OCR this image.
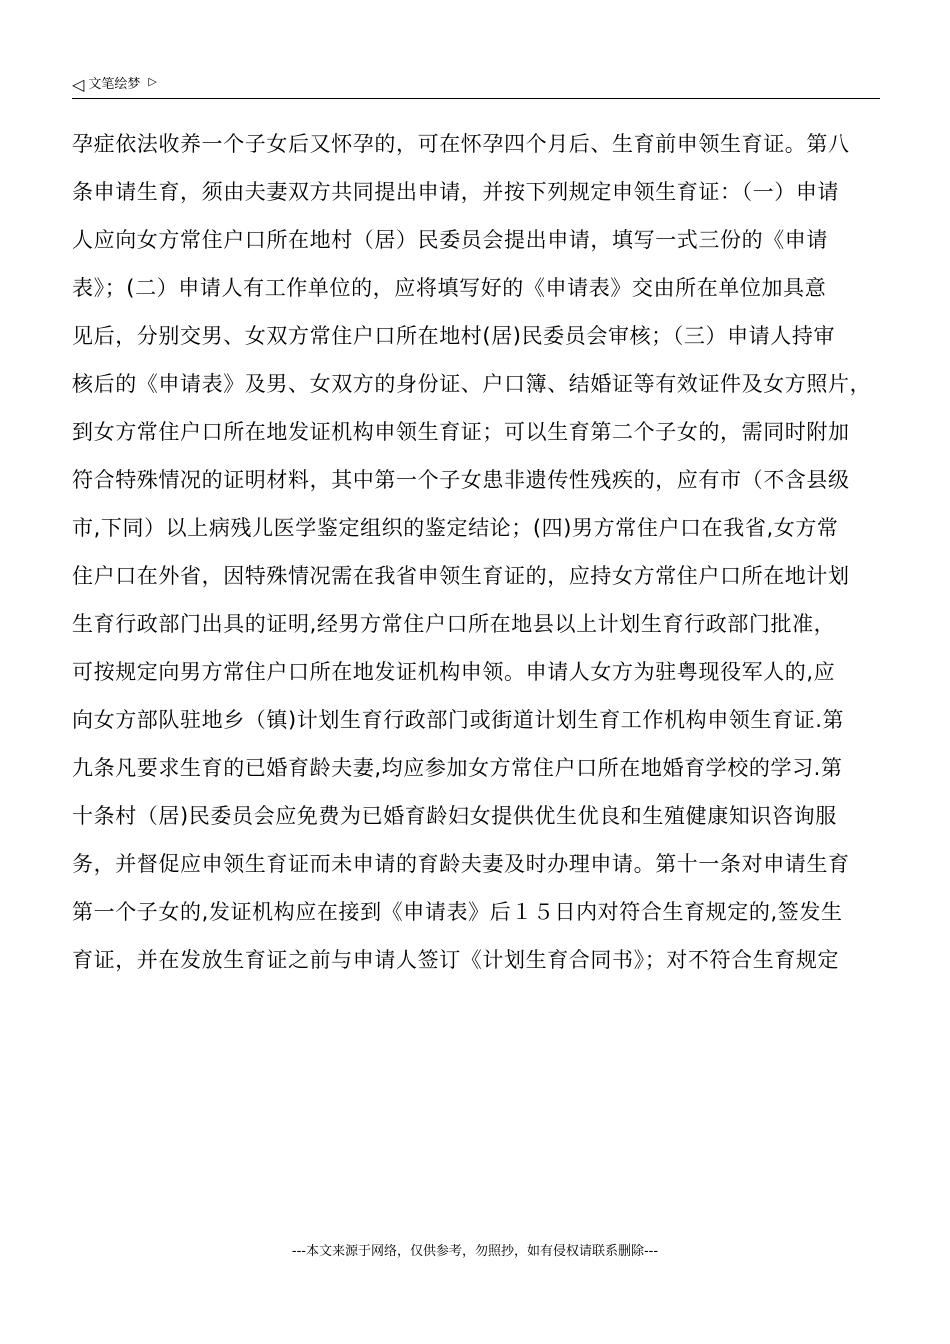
◁ 文笔绘梦 ▷
孕症依法收养一个子女后又怀孕的，可在怀孕四个月后、生育前申领生育证。第八
条申请生育，须由夫妻双方共同提出申请，并按下列规定申领生育证：（一）申请
人应向女方常住户口所在地村（居）民委员会提出申请，填写一式三份的《申请
表》；(二）申请人有工作单位的，应将填写好的《申请表》交由所在单位加具意
见后，分别交男、女双方常住户口所在地村(居)民委员会审核；（三）申请人持审
核后的《申请表》及男、女双方的身份证、户口簿、结婚证等有效证件及女方照片，
到女方常住户口所在地发证机构申领生育证；可以生育第二个子女的，需同时附加
符合特殊情况的证明材料，其中第一个子女患非遗传性残疾的，应有市（不含县级
市,下同）以上病残儿医学鉴定组织的鉴定结论；(四)男方常住户口在我省,女方常
住户口在外省，因特殊情况需在我省申领生育证的，应持女方常住户口所在地计划
生育行政部门出具的证明,经男方常住户口所在地县以上计划生育行政部门批准，
可按规定向男方常住户口所在地发证机构申领。申请人女方为驻粤现役军人的,应
向女方部队驻地乡（镇)计划生育行政部门或街道计划生育工作机构申领生育证.第
九条凡要求生育的已婚育龄夫妻,均应参加女方常住户口所在地婚育学校的学习.第
十条村（居)民委员会应免费为已婚育龄妇女提供优生优良和生殖健康知识咨询服
务，并督促应申领生育证而未申请的育龄夫妻及时办理申请。第十一条对申请生育
第一个子女的,发证机构应在接到《申请表》后１５日内对符合生育规定的,签发生
育证，并在发放生育证之前与申请人签订《计划生育合同书》；对不符合生育规定
---本文来源于网络，仅供参考，勿照抄，如有侵权请联系删除---
